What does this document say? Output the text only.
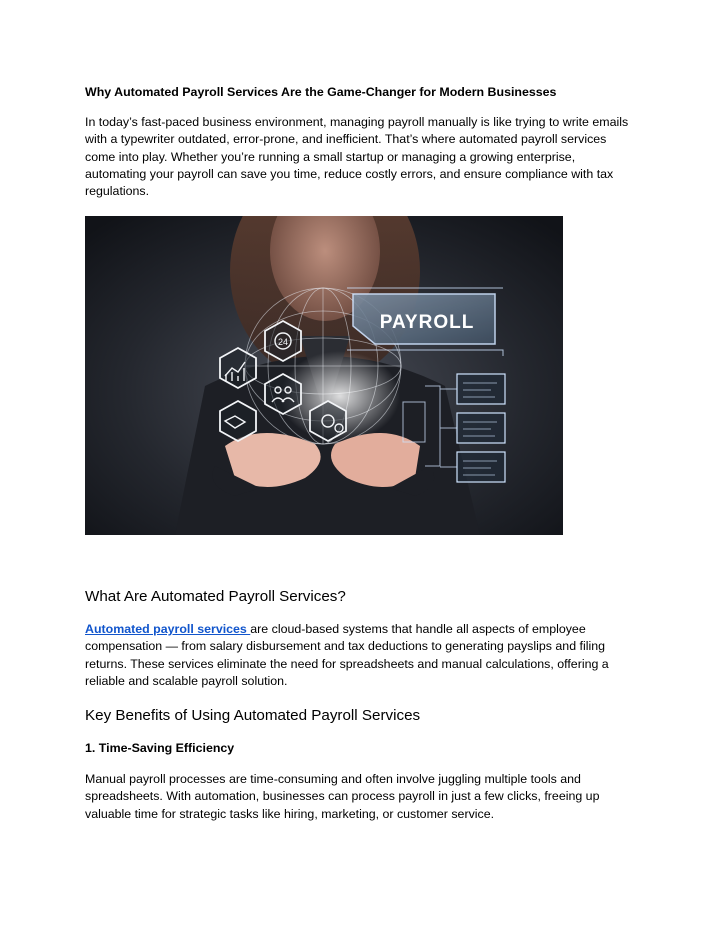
Why Automated Payroll Services Are the Game-Changer for Modern Businesses

In today’s fast-paced business environment, managing payroll manually is like trying to write emails with a typewriter outdated, error-prone, and inefficient. That’s where automated payroll services come into play. Whether you’re running a small startup or managing a growing enterprise, automating your payroll can save you time, reduce costly errors, and ensure compliance with tax regulations.

24
PAYROLL
What Are Automated Payroll Services?

Automated payroll services are cloud-based systems that handle all aspects of employee compensation — from salary disbursement and tax deductions to generating payslips and filing returns. These services eliminate the need for spreadsheets and manual calculations, offering a reliable and scalable payroll solution.

Key Benefits of Using Automated Payroll Services
1. Time-Saving Efficiency

Manual payroll processes are time-consuming and often involve juggling multiple tools and spreadsheets. With automation, businesses can process payroll in just a few clicks, freeing up valuable time for strategic tasks like hiring, marketing, or customer service.
